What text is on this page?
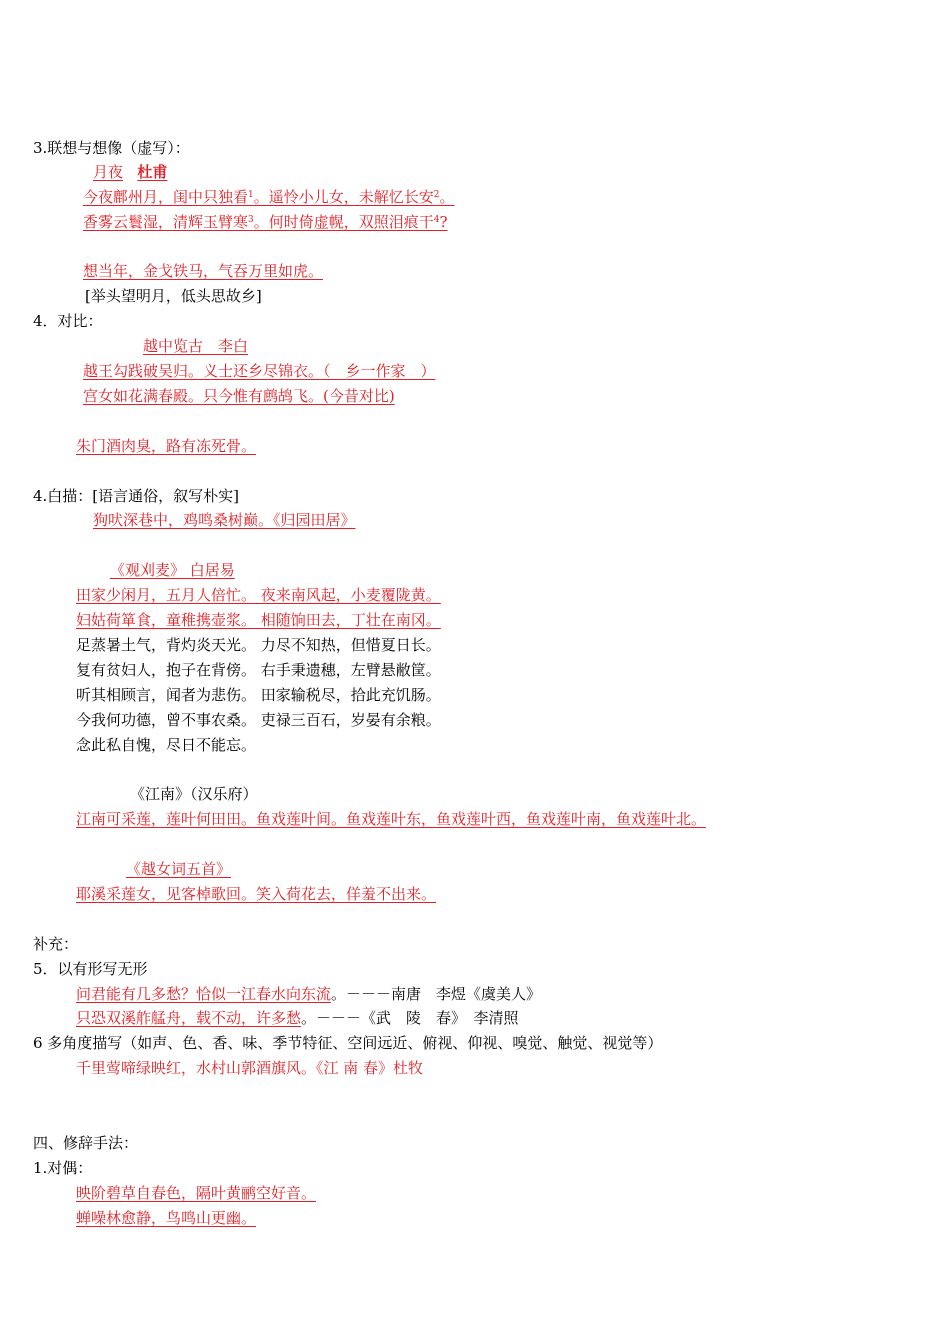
3.联想与想像（虚写）：
月夜 杜甫
今夜鄜州月，闺中只独看$^1$。遥怜小儿女，未解忆长安$^2$。
香雾云鬟湿，清辉玉臂寒$^3$。何时倚虚幌，双照泪痕干$^4$?
想当年，金戈铁马，气吞万里如虎。
[举头望明月，低头思故乡]
4．对比：
越中览古　李白
越王勾践破吴归。义士还乡尽锦衣。（　乡一作家　）
宫女如花满春殿。只今惟有鹧鸪飞。(今昔对比)
朱门酒肉臭，路有冻死骨。
4.白描：[语言通俗，叙写朴实]
狗吠深巷中，鸡鸣桑树巅。《归园田居》
《观刈麦》 白居易
田家少闲月，五月人倍忙。 夜来南风起，小麦覆陇黄。
妇姑荷箪食，童稚携壶浆。 相随饷田去，丁壮在南冈。
足蒸暑土气，背灼炎天光。 力尽不知热，但惜夏日长。
复有贫妇人，抱子在背傍。 右手秉遗穗，左臂悬敝筐。
听其相顾言，闻者为悲伤。 田家输税尽，拾此充饥肠。
今我何功德，曾不事农桑。 吏禄三百石，岁晏有余粮。
念此私自愧，尽日不能忘。
《江南》（汉乐府）
江南可采莲，莲叶何田田。鱼戏莲叶间。鱼戏莲叶东，鱼戏莲叶西，鱼戏莲叶南，鱼戏莲叶北。
《越女词五首》
耶溪采莲女，见客棹歌回。笑入荷花去，佯羞不出来。
补充：
5．以有形写无形
问君能有几多愁？恰似一江春水向东流。－－－南唐　李煜《虞美人》
只恐双溪舴艋舟，载不动，许多愁。－－－《武　陵　春》　李清照
6 多角度描写（如声、色、香、味、季节特征、空间远近、俯视、仰视、嗅觉、触觉、视觉等）
千里莺啼绿映红，水村山郭酒旗风。《江 南 春》杜牧
四、修辞手法：
1.对偶：
映阶碧草自春色，隔叶黄鹂空好音。
蝉噪林愈静，鸟鸣山更幽。
